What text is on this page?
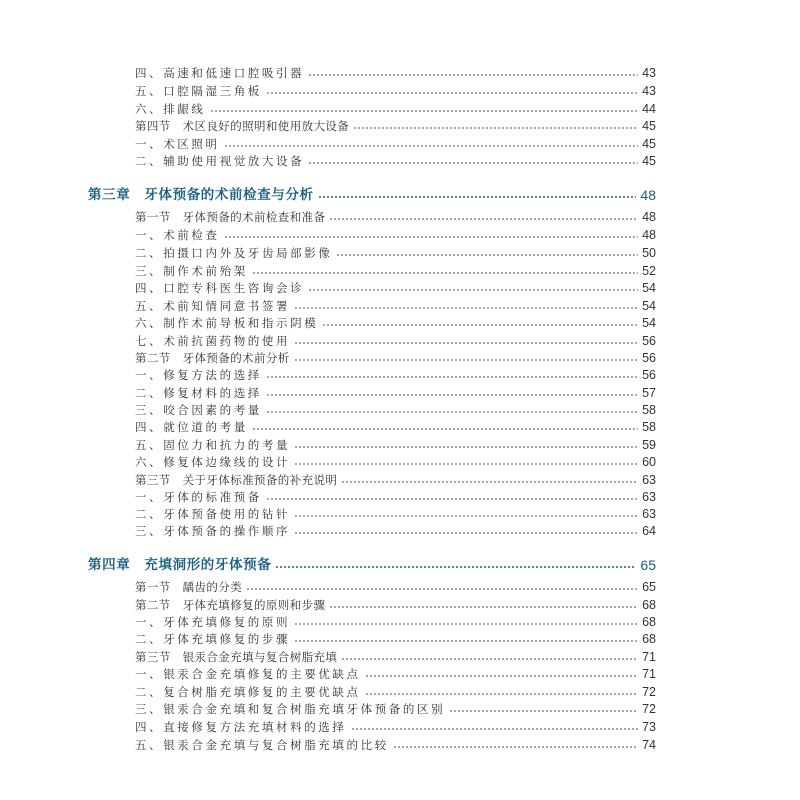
四、高速和低速口腔吸引器	43
五、口腔隔湿三角板	43
六、排龈线	44
第四节　术区良好的照明和使用放大设备	45
一、术区照明	45
二、辅助使用视觉放大设备	45
第三章　牙体预备的术前检查与分析	48
第一节　牙体预备的术前检查和准备	48
一、术前检查	48
二、拍摄口内外及牙齿局部影像	50
三、制作术前殆架	52
四、口腔专科医生咨询会诊	54
五、术前知情同意书签署	54
六、制作术前导板和指示阴模	54
七、术前抗菌药物的使用	56
第二节　牙体预备的术前分析	56
一、修复方法的选择	56
二、修复材料的选择	57
三、咬合因素的考量	58
四、就位道的考量	58
五、固位力和抗力的考量	59
六、修复体边缘线的设计	60
第三节　关于牙体标准预备的补充说明	63
一、牙体的标准预备	63
二、牙体预备使用的钻针	63
三、牙体预备的操作顺序	64
第四章　充填洞形的牙体预备	65
第一节　龋齿的分类	65
第二节　牙体充填修复的原则和步骤	68
一、牙体充填修复的原则	68
二、牙体充填修复的步骤	68
第三节　银汞合金充填与复合树脂充填	71
一、银汞合金充填修复的主要优缺点	71
二、复合树脂充填修复的主要优缺点	72
三、银汞合金充填和复合树脂充填牙体预备的区别	72
四、直接修复方法充填材料的选择	73
五、银汞合金充填与复合树脂充填的比较	74
